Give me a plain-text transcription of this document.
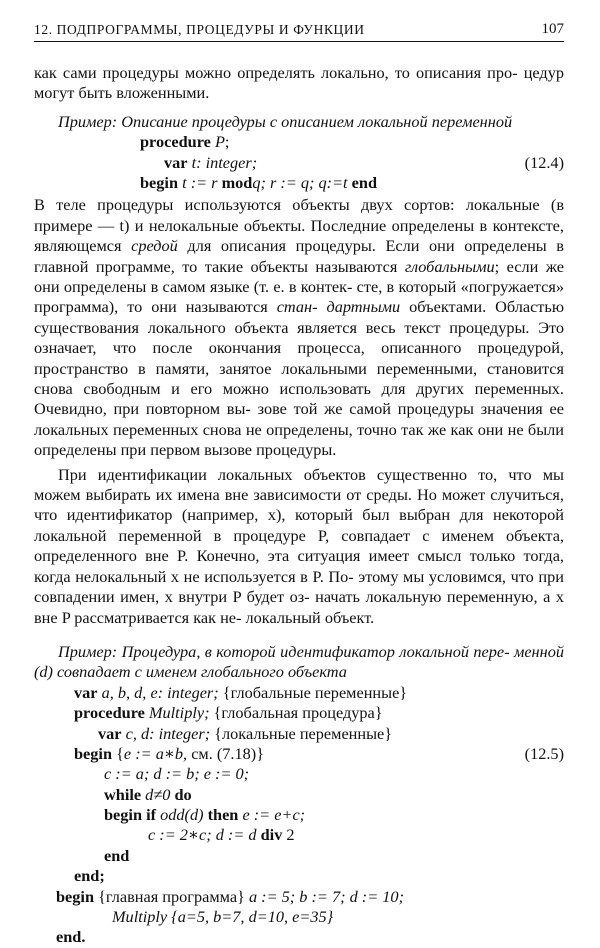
12. ПОДПРОГРАММЫ, ПРОЦЕДУРЫ И ФУНКЦИИ	107

как сами процедуры можно определять локально, то описания про- цедур могут быть вложенными.

Пример: Описание процедуры с описанием локальной переменной

procedure P;
var t: integer;	(12.4)
begin t := r modq; r := q; q:=t end

В теле процедуры используются объекты двух сортов: локальные (в примере — t) и нелокальные объекты. Последние определены в контексте, являющемся средой для описания процедуры. Если они определены в главной программе, то такие объекты называются глобальными; если же они определены в самом языке (т. е. в контек- сте, в который «погружается» программа), то они называются стан- дартными объектами. Областью существования локального объекта является весь текст процедуры. Это означает, что после окончания процесса, описанного процедурой, пространство в памяти, занятое локальными переменными, становится снова свободным и его можно использовать для других переменных. Очевидно, при повторном вы- зове той же самой процедуры значения ее локальных переменных снова не определены, точно так же как они не были определены при первом вызове процедуры.

При идентификации локальных объектов существенно то, что мы можем выбирать их имена вне зависимости от среды. Но может случиться, что идентификатор (например, x), который был выбран для некоторой локальной переменной в процедуре P, совпадает с именем объекта, определенного вне P. Конечно, эта ситуация имеет смысл только тогда, когда нелокальный x не используется в P. По- этому мы условимся, что при совпадении имен, x внутри P будет оз- начать локальную переменную, а x вне P рассматривается как не- локальный объект.

Пример: Процедура, в которой идентификатор локальной пере- менной (d) совпадает с именем глобального объекта

var a, b, d, e: integer; {глобальные переменные}
procedure Multiply; {глобальная процедура}
var c, d: integer; {локальные переменные}
begin {e := a∗b, см. (7.18)}	(12.5)
c := a; d := b; e := 0;
while d≠0 do
begin if odd(d) then e := e+c;
c := 2∗c; d := d div 2
end
end;
begin {главная программа} a := 5; b := 7; d := 10;
Multiply {a=5, b=7, d=10, e=35}
end.
